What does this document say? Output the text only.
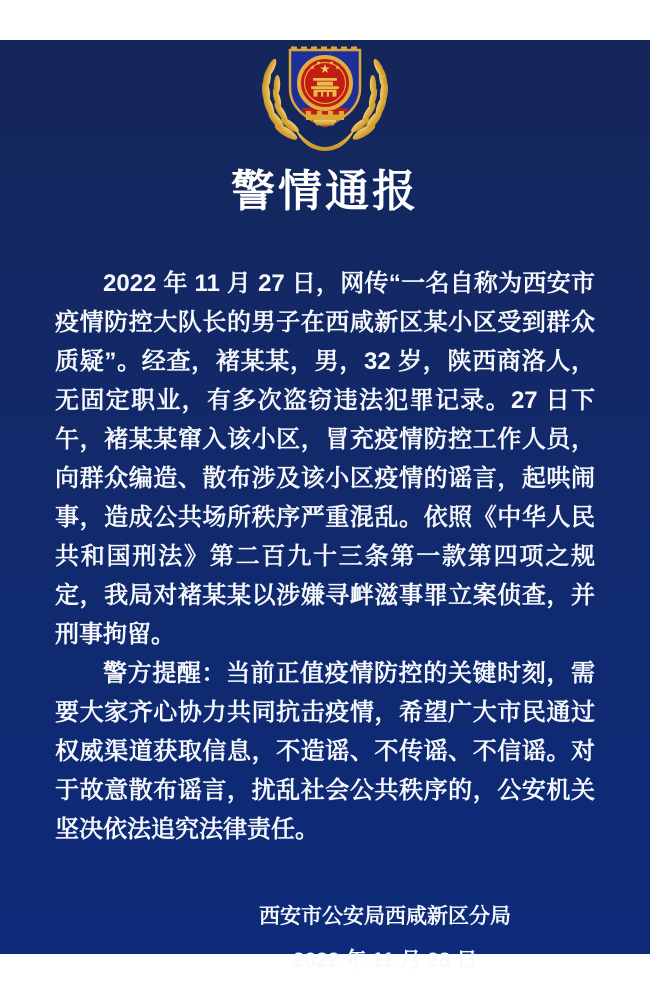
警情通报

2022 年 11 月 27 日，网传“一名自称为西安市疫情防控大队长的男子在西咸新区某小区受到群众质疑”。经查，褚某某，男，32 岁，陕西商洛人，无固定职业，有多次盗窃违法犯罪记录。27 日下午，褚某某窜入该小区，冒充疫情防控工作人员，向群众编造、散布涉及该小区疫情的谣言，起哄闹事，造成公共场所秩序严重混乱。依照《中华人民共和国刑法》第二百九十三条第一款第四项之规定，我局对褚某某以涉嫌寻衅滋事罪立案侦查，并刑事拘留。

警方提醒：当前正值疫情防控的关键时刻，需要大家齐心协力共同抗击疫情，希望广大市民通过权威渠道获取信息，不造谣、不传谣、不信谣。对于故意散布谣言，扰乱社会公共秩序的，公安机关坚决依法追究法律责任。

西安市公安局西咸新区分局
2022 年 11 月 28 日
